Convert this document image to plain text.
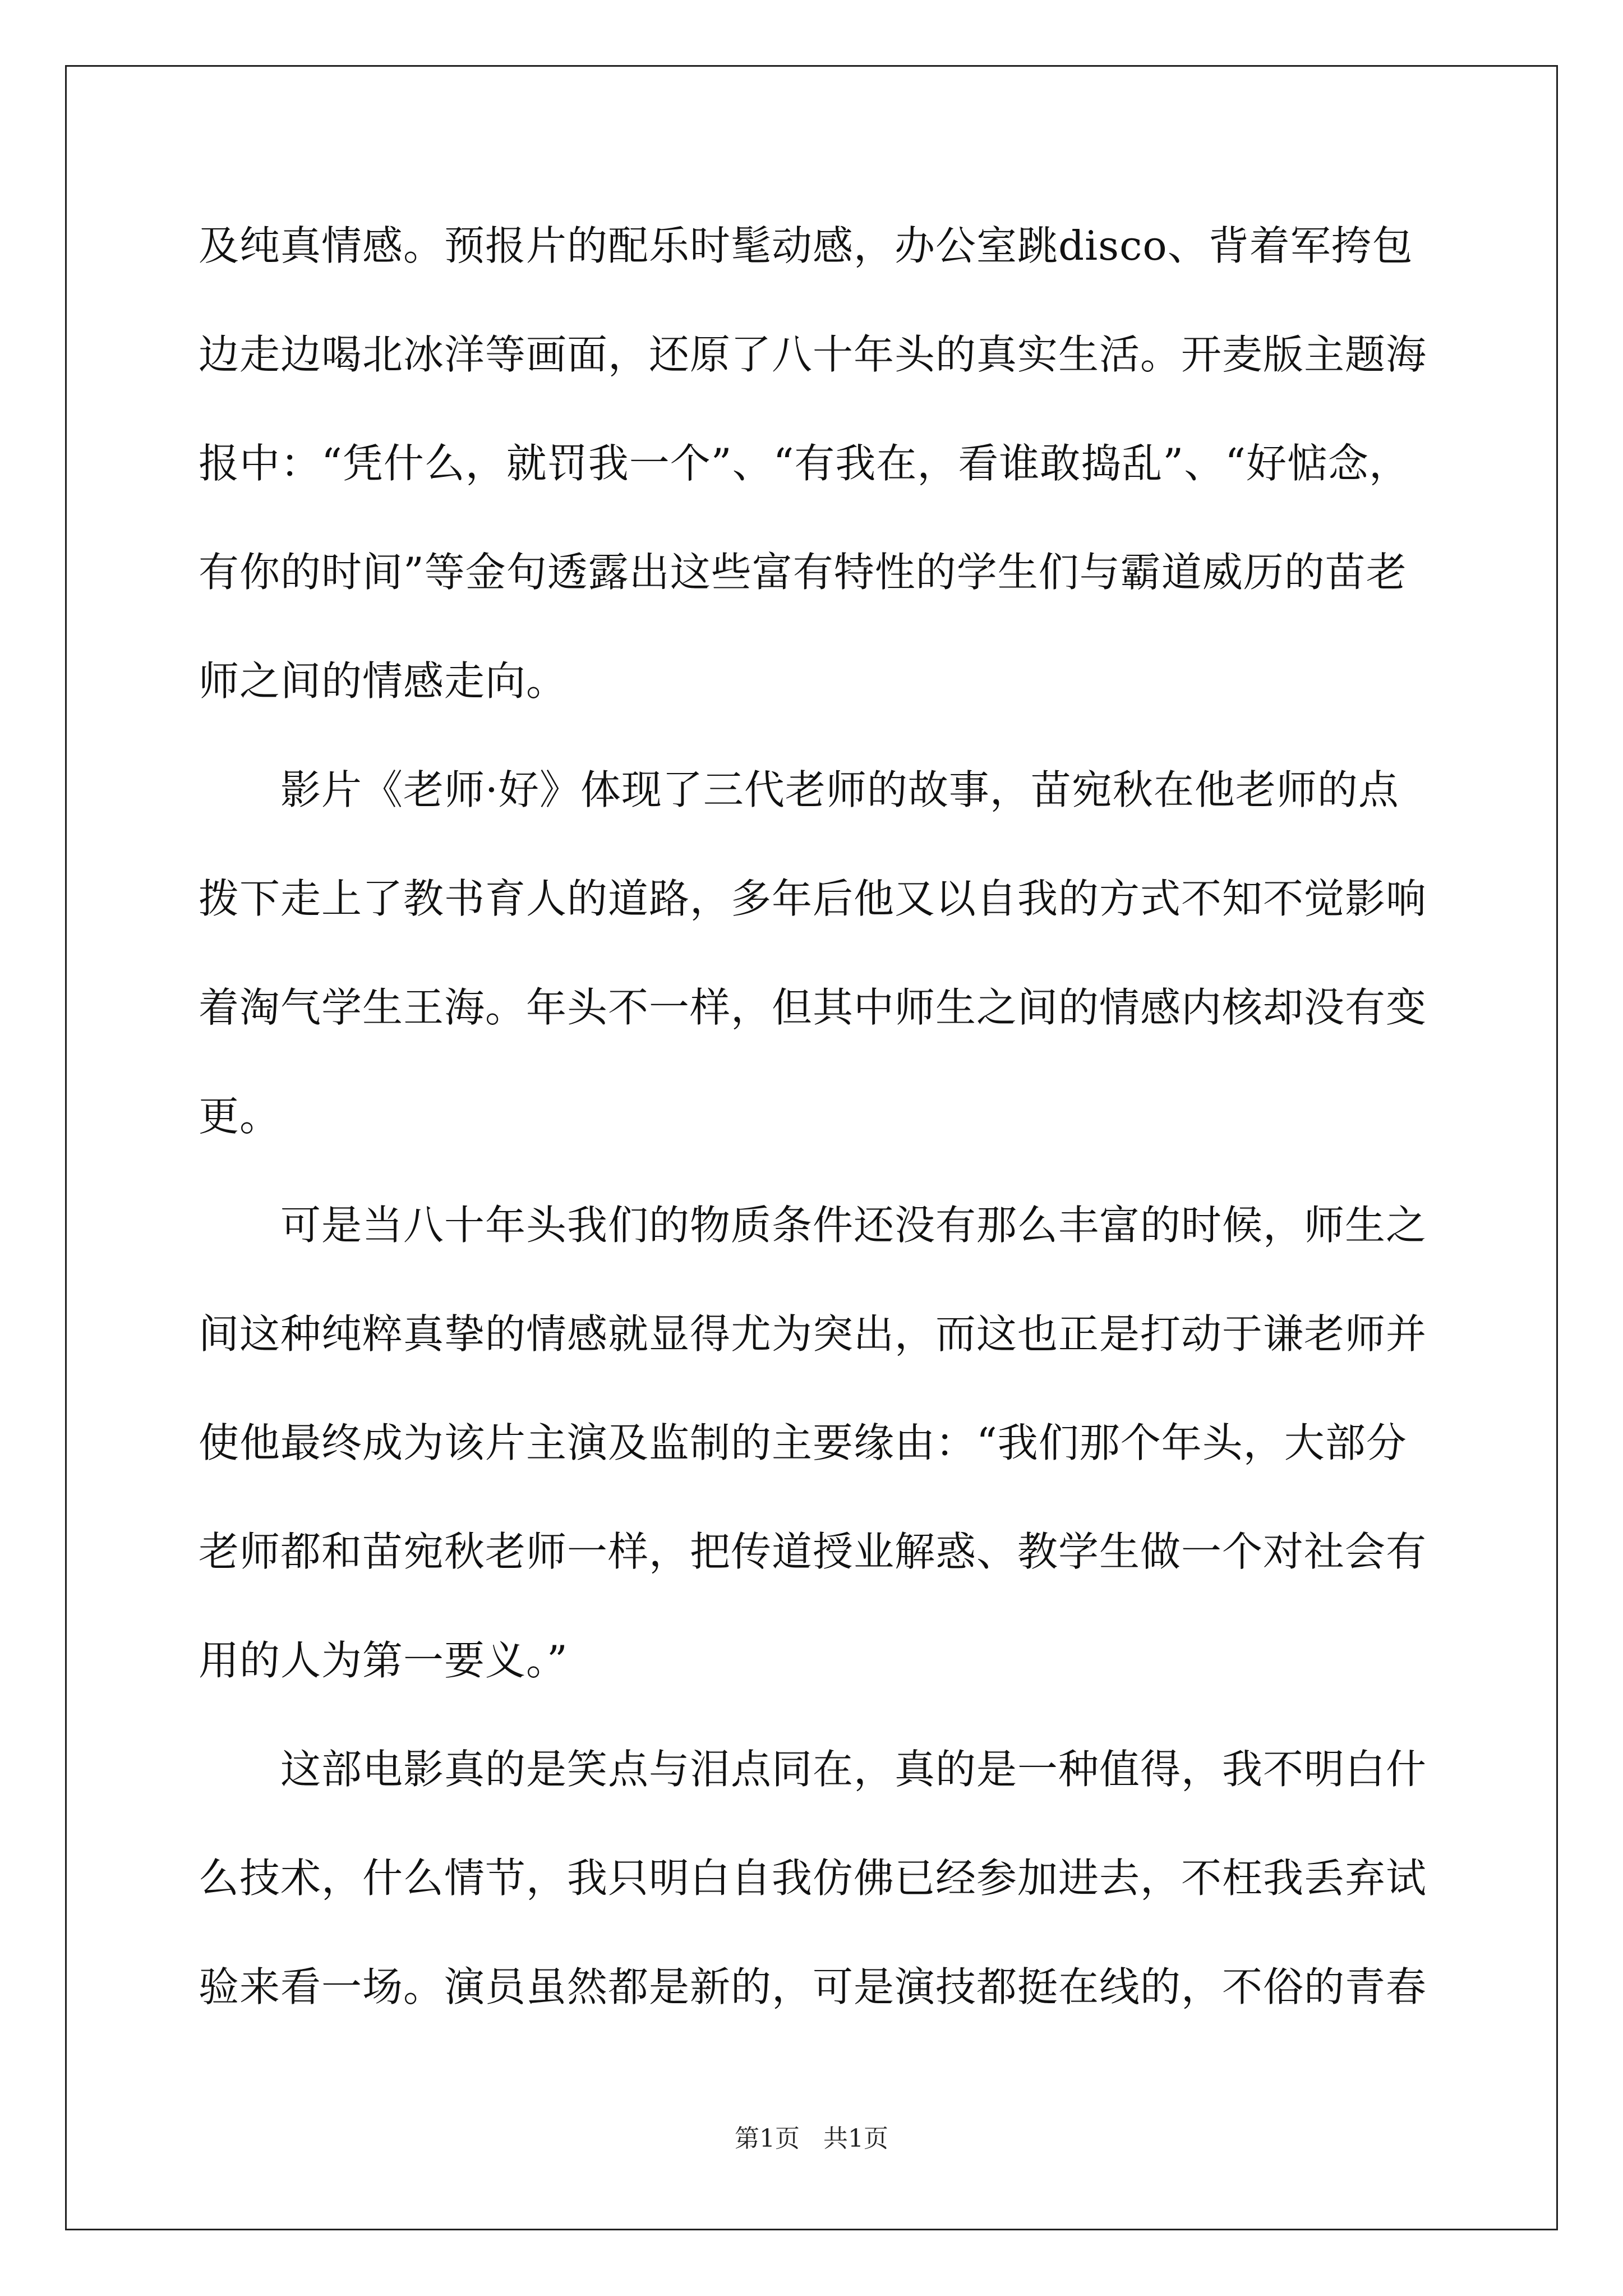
及纯真情感。预报片的配乐时髦动感，办公室跳disco、背着军挎包
边走边喝北冰洋等画面，还原了八十年头的真实生活。开麦版主题海
报中：“凭什么，就罚我一个”、“有我在，看谁敢捣乱”、“好惦念，
有你的时间”等金句透露出这些富有特性的学生们与霸道威历的苗老
师之间的情感走向。
影片《老师·好》体现了三代老师的故事，苗宛秋在他老师的点
拨下走上了教书育人的道路，多年后他又以自我的方式不知不觉影响
着淘气学生王海。年头不一样，但其中师生之间的情感内核却没有变
更。
可是当八十年头我们的物质条件还没有那么丰富的时候，师生之
间这种纯粹真挚的情感就显得尤为突出，而这也正是打动于谦老师并
使他最终成为该片主演及监制的主要缘由：“我们那个年头，大部分
老师都和苗宛秋老师一样，把传道授业解惑、教学生做一个对社会有
用的人为第一要义。”
这部电影真的是笑点与泪点同在，真的是一种值得，我不明白什
么技术，什么情节，我只明白自我仿佛已经参加进去，不枉我丢弃试
验来看一场。演员虽然都是新的，可是演技都挺在线的，不俗的青春
第1页 共1页
